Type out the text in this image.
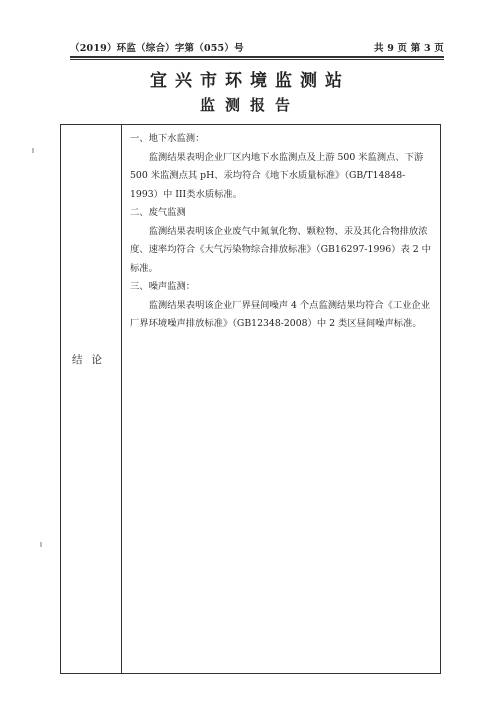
（2019）环监（综合）字第（055）号	共 9 页 第 3 页
宜兴市环境监测站
监测报告
结论

一、地下水监测：

监测结果表明企业厂区内地下水监测点及上游 500 米监测点、下游 500 米监测点其 pH、汞均符合《地下水质量标准》（GB/T14848-1993）中 III类水质标准。

二、废气监测

监测结果表明该企业废气中氮氧化物、颗粒物、汞及其化合物排放浓度、速率均符合《大气污染物综合排放标准》（GB16297-1996）表 2 中标准。

三、噪声监测：

监测结果表明该企业厂界昼间噪声 4 个点监测结果均符合《工业企业厂界环境噪声排放标准》（GB12348-2008）中 2 类区昼间噪声标准。
